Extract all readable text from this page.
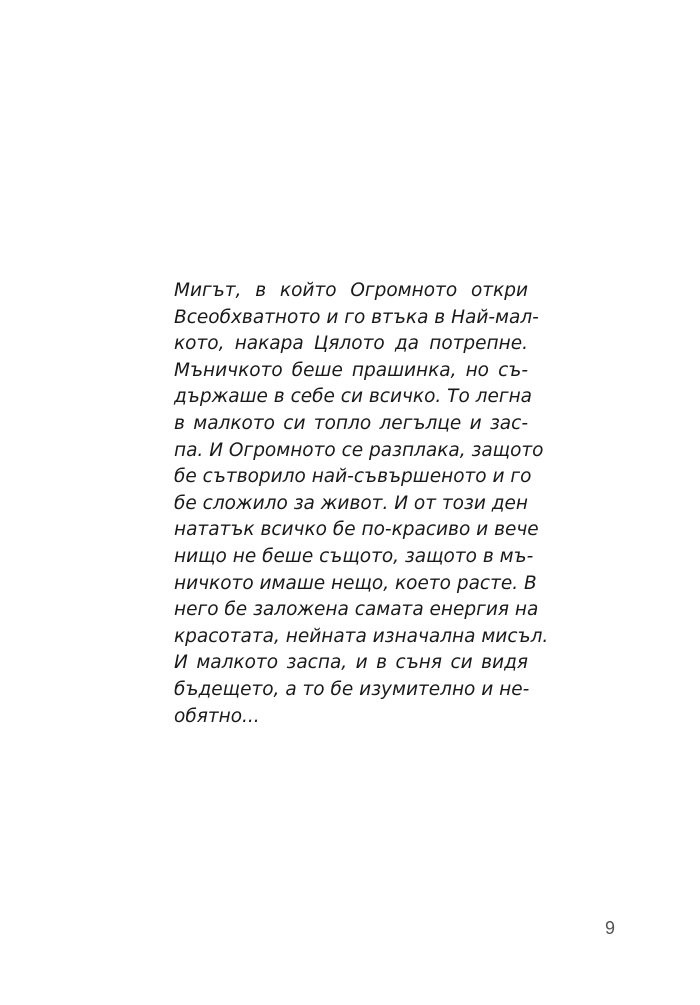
Мигът, в който Огромното откри
Всеобхватното и го втъка в Най-мал-
кото, накара Цялото да потрепне.
Мъничкото беше прашинка, но съ-
държаше в себе си всичко. То легна
в малкото си топло легълце и зас-
па. И Огромното се разплака, защото
бе сътворило най-съвършеното и го
бе сложило за живот. И от този ден
нататък всичко бе по-красиво и вече
нищо не беше същото, защото в мъ-
ничкото имаше нещо, което расте. В
него бе заложена самата енергия на
красотата, нейната изначална мисъл.
И малкото заспа, и в съня си видя
бъдещето, а то бе изумително и не-
обятно...
9
